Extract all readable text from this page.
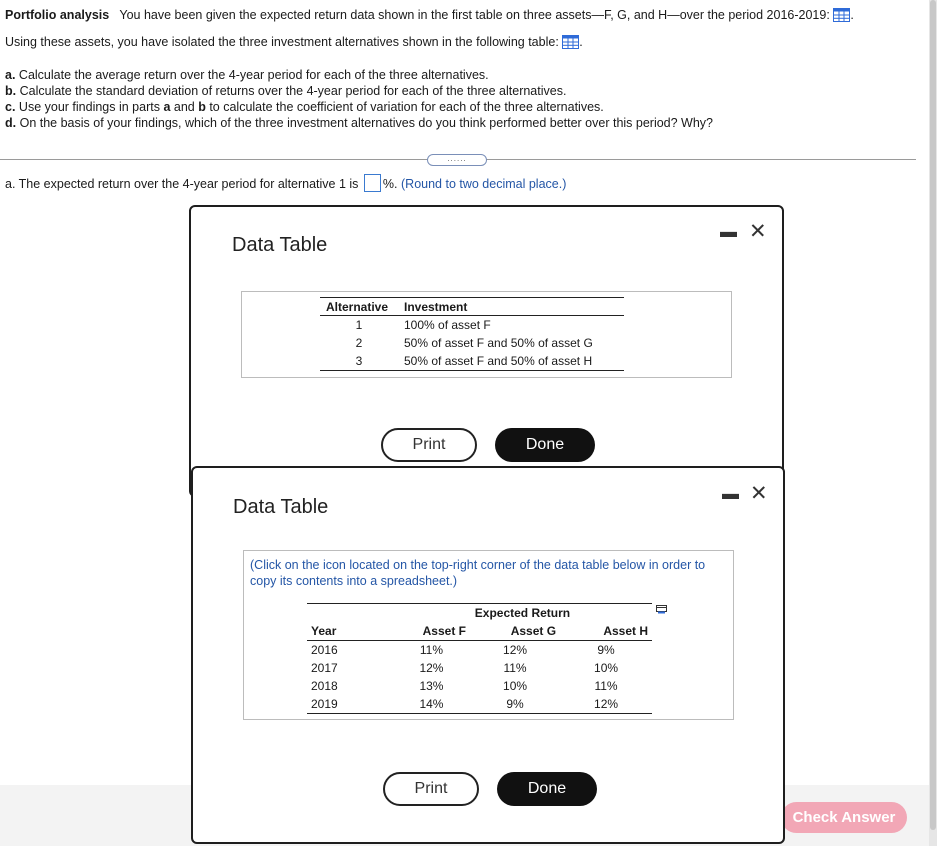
Portfolio analysis You have been given the expected return data shown in the first table on three assets—F, G, and H—over the period 2016-2019: .
Using these assets, you have isolated the three investment alternatives shown in the following table: .
a. Calculate the average return over the 4-year period for each of the three alternatives.
b. Calculate the standard deviation of returns over the 4-year period for each of the three alternatives.
c. Use your findings in parts a and b to calculate the coefficient of variation for each of the three alternatives.
d. On the basis of your findings, which of the three investment alternatives do you think performed better over this period? Why?
......
a. The expected return over the 4-year period for alternative 1 is %. (Round to two decimal place.)
Data Table
▬ ✕
Alternative	Investment
1	100% of asset F
2	50% of asset F and 50% of asset G
3	50% of asset F and 50% of asset H
Print	Done
Check Answer
Data Table
▬ ✕
(Click on the icon located on the top-right corner of the data table below in order to copy its contents into a spreadsheet.)
	Expected Return		
Year	Asset F	Asset G	Asset H
2016	11%	12%	9%
2017	12%	11%	10%
2018	13%	10%	11%
2019	14%	9%	12%
Print	Done
